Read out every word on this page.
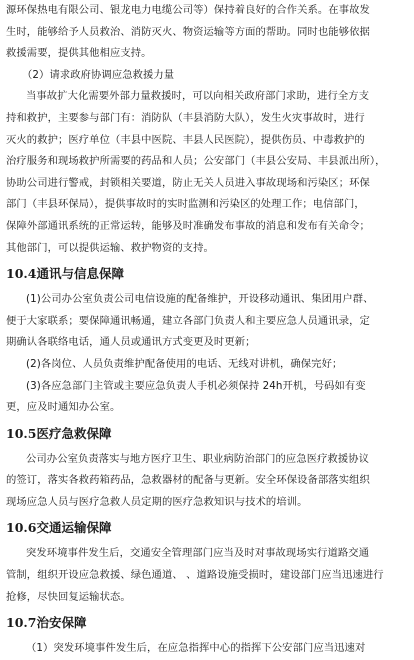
源环保热电有限公司、银龙电力电缆公司等）保持着良好的合作关系。在事故发
生时，能够给予人员救治、消防灭火、物资运输等方面的帮助。同时也能够依据
救援需要，提供其他相应支持。
（2）请求政府协调应急救援力量
当事故扩大化需要外部力量救援时，可以向相关政府部门求助，进行全方支
持和救护，主要参与部门有：消防队（丰县消防大队），发生火灾事故时，进行
灭火的救护；医疗单位（丰县中医院、丰县人民医院），提供伤员、中毒救护的
治疗服务和现场救护所需要的药品和人员；公安部门（丰县公安局、丰县派出所），
协助公司进行警戒，封锁相关要道，防止无关人员进入事故现场和污染区；环保
部门（丰县环保局），提供事故时的实时监测和污染区的处理工作；电信部门，
保障外部通讯系统的正常运转，能够及时准确发布事故的消息和发布有关命令；
其他部门，可以提供运输、救护物资的支持。
10.4通讯与信息保障
(1)公司办公室负责公司电信设施的配备维护，开设移动通讯、集团用户群、
便于大家联系；要保障通讯畅通，建立各部门负责人和主要应急人员通讯录，定
期确认各联络电话，通人员或通讯方式变更及时更新；
(2)各岗位、人员负责维护配备使用的电话、无线对讲机，确保完好；
(3)各应急部门主管或主要应急负责人手机必须保持 24h开机，号码如有变
更，应及时通知办公室。
10.5医疗急救保障
公司办公室负责落实与地方医疗卫生、职业病防治部门的应急医疗救援协议
的签订，落实各救药箱药品，急救器材的配备与更新。安全环保设备部落实组织
现场应急人员与医疗急救人员定期的医疗急救知识与技术的培训。
10.6交通运输保障
突发环境事件发生后，交通安全管理部门应当及时对事故现场实行道路交通
管制，组织开设应急救援、绿色通道、 、道路设施受损时，建设部门应当迅速进行
抢修，尽快回复运输状态。
10.7治安保障
（1）突发环境事件发生后，在应急指挥中心的指挥下公安部门应当迅速对
